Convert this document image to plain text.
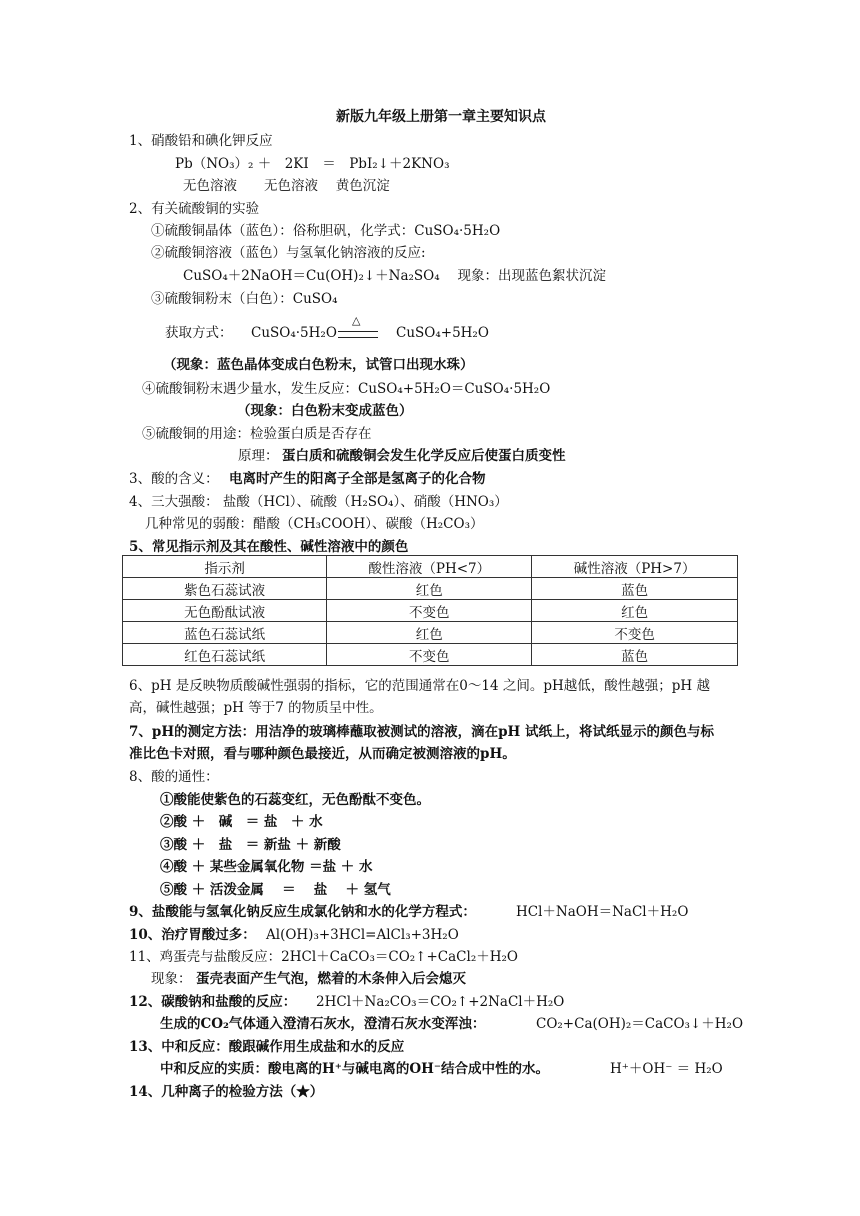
新版九年级上册第一章主要知识点
1、硝酸铅和碘化钾反应
Pb（NO₃）₂ ＋　2KI　＝　PbI₂↓＋2KNO₃
无色溶液　　无色溶液　 黄色沉淀
2、有关硫酸铜的实验
①硫酸铜晶体（蓝色）：俗称胆矾，化学式：CuSO₄·5H₂O
②硫酸铜溶液（蓝色）与氢氧化钠溶液的反应:
CuSO₄＋2NaOH＝Cu(OH)₂↓＋Na₂SO₄　 现象：出现蓝色絮状沉淀
③硫酸铜粉末（白色）：CuSO₄
获取方式： CuSO₄·5H₂O
△
CuSO₄+5H₂O
（现象：蓝色晶体变成白色粉末，试管口出现水珠）
④硫酸铜粉末遇少量水，发生反应：CuSO₄+5H₂O＝CuSO₄·5H₂O
（现象：白色粉末变成蓝色）
⑤硫酸铜的用途：检验蛋白质是否存在
原理： 蛋白质和硫酸铜会发生化学反应后使蛋白质变性
3、酸的含义： 电离时产生的阳离子全部是氢离子的化合物
4、三大强酸： 盐酸（HCl）、硫酸（H₂SO₄）、硝酸（HNO₃）
几种常见的弱酸：醋酸（CH₃COOH）、碳酸（H₂CO₃）
5、常见指示剂及其在酸性、碱性溶液中的颜色
指示剂	酸性溶液（PH<7）	碱性溶液（PH>7）
紫色石蕊试液	红色	蓝色
无色酚酞试液	不变色	红色
蓝色石蕊试纸	红色	不变色
红色石蕊试纸	不变色	蓝色
6、pH 是反映物质酸碱性强弱的指标，它的范围通常在0～14 之间。pH越低，酸性越强；pH 越
高，碱性越强；pH 等于7 的物质呈中性。
7、pH的测定方法：用洁净的玻璃棒蘸取被测试的溶液，滴在pH 试纸上，将试纸显示的颜色与标
准比色卡对照，看与哪种颜色最接近，从而确定被测溶液的pH。
8、酸的通性：
①酸能使紫色的石蕊变红，无色酚酞不变色。
②酸 ＋　碱　＝ 盐　＋ 水
③酸 ＋　盐　＝ 新盐 ＋ 新酸
④酸 ＋ 某些金属氧化物 ＝盐 ＋ 水
⑤酸 ＋ 活泼金属　 ＝　 盐　 ＋ 氢气
9、盐酸能与氢氧化钠反应生成氯化钠和水的化学方程式：	HCl＋NaOH＝NaCl＋H₂O
10、治疗胃酸过多： Al(OH)₃+3HCl=AlCl₃+3H₂O
11、鸡蛋壳与盐酸反应：2HCl＋CaCO₃＝CO₂↑+CaCl₂＋H₂O
现象： 蛋壳表面产生气泡，燃着的木条伸入后会熄灭
12、碳酸钠和盐酸的反应： 2HCl＋Na₂CO₃＝CO₂↑+2NaCl＋H₂O
生成的CO₂气体通入澄清石灰水，澄清石灰水变浑浊：	CO₂+Ca(OH)₂＝CaCO₃↓＋H₂O
13、中和反应：酸跟碱作用生成盐和水的反应
中和反应的实质：酸电离的H⁺与碱电离的OH⁻结合成中性的水。	H⁺＋OH⁻ ＝ H₂O
14、几种离子的检验方法（★）
